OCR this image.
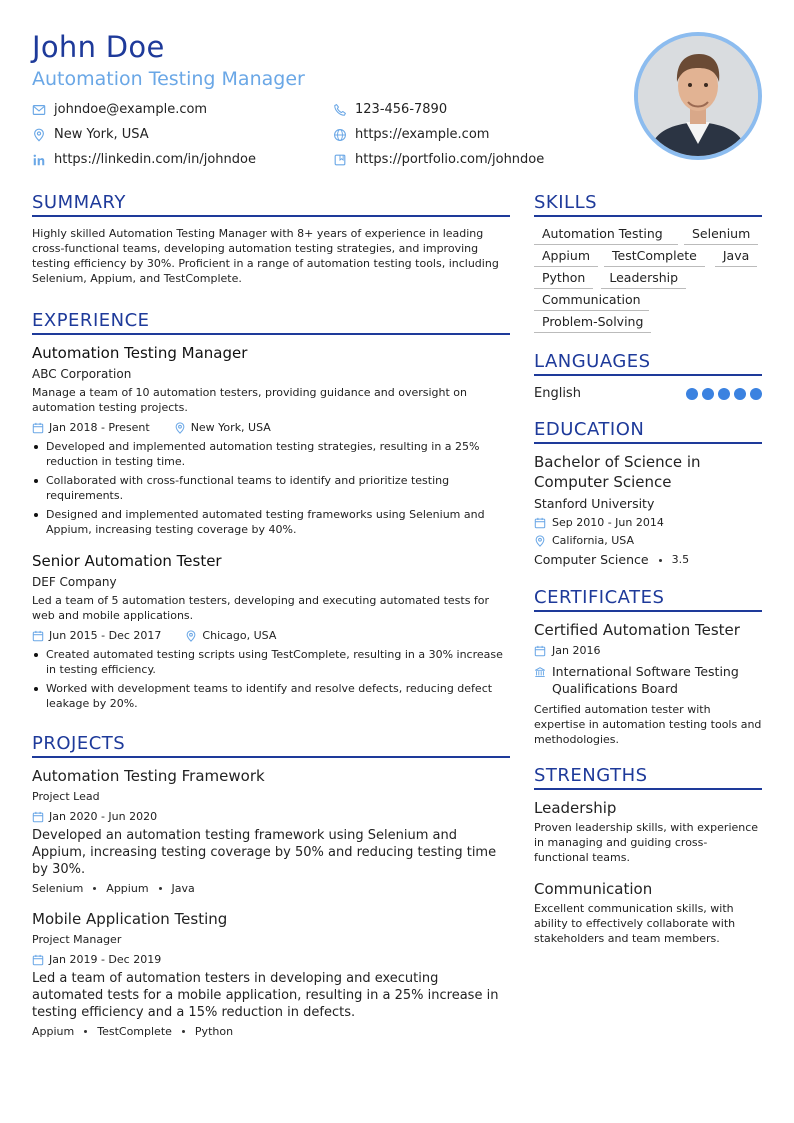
John Doe
Automation Testing Manager
johndoe@example.com	123-456-7890
New York, USA	https://example.com
https://linkedin.com/in/johndoe	https://portfolio.com/johndoe
SUMMARY
Highly skilled Automation Testing Manager with 8+ years of experience in leading cross-functional teams, developing automation testing strategies, and improving testing efficiency by 30%. Proficient in a range of automation testing tools, including Selenium, Appium, and TestComplete.
EXPERIENCE
Automation Testing Manager
ABC Corporation
Manage a team of 10 automation testers, providing guidance and oversight on automation testing projects.
Jan 2018 - Present	New York, USA
Developed and implemented automation testing strategies, resulting in a 25% reduction in testing time.
Collaborated with cross-functional teams to identify and prioritize testing requirements.
Designed and implemented automated testing frameworks using Selenium and Appium, increasing testing coverage by 40%.
Senior Automation Tester
DEF Company
Led a team of 5 automation testers, developing and executing automated tests for web and mobile applications.
Jun 2015 - Dec 2017	Chicago, USA
Created automated testing scripts using TestComplete, resulting in a 30% increase in testing efficiency.
Worked with development teams to identify and resolve defects, reducing defect leakage by 20%.
PROJECTS
Automation Testing Framework
Project Lead
Jan 2020 - Jun 2020
Developed an automation testing framework using Selenium and Appium, increasing testing coverage by 50% and reducing testing time by 30%.
Selenium Appium Java
Mobile Application Testing
Project Manager
Jan 2019 - Dec 2019
Led a team of automation testers in developing and executing automated tests for a mobile application, resulting in a 25% increase in testing efficiency and a 15% reduction in defects.
Appium TestComplete Python
SKILLS
Automation Testing	Selenium
Appium	TestComplete	Java
Python	Leadership
Communication
Problem-Solving
LANGUAGES
English
EDUCATION
Bachelor of Science in Computer Science
Stanford University
Sep 2010 - Jun 2014
California, USA
Computer Science 3.5
CERTIFICATES
Certified Automation Tester
Jan 2016
International Software Testing Qualifications Board
Certified automation tester with expertise in automation testing tools and methodologies.
STRENGTHS
Leadership
Proven leadership skills, with experience in managing and guiding cross-functional teams.
Communication
Excellent communication skills, with ability to effectively collaborate with stakeholders and team members.
